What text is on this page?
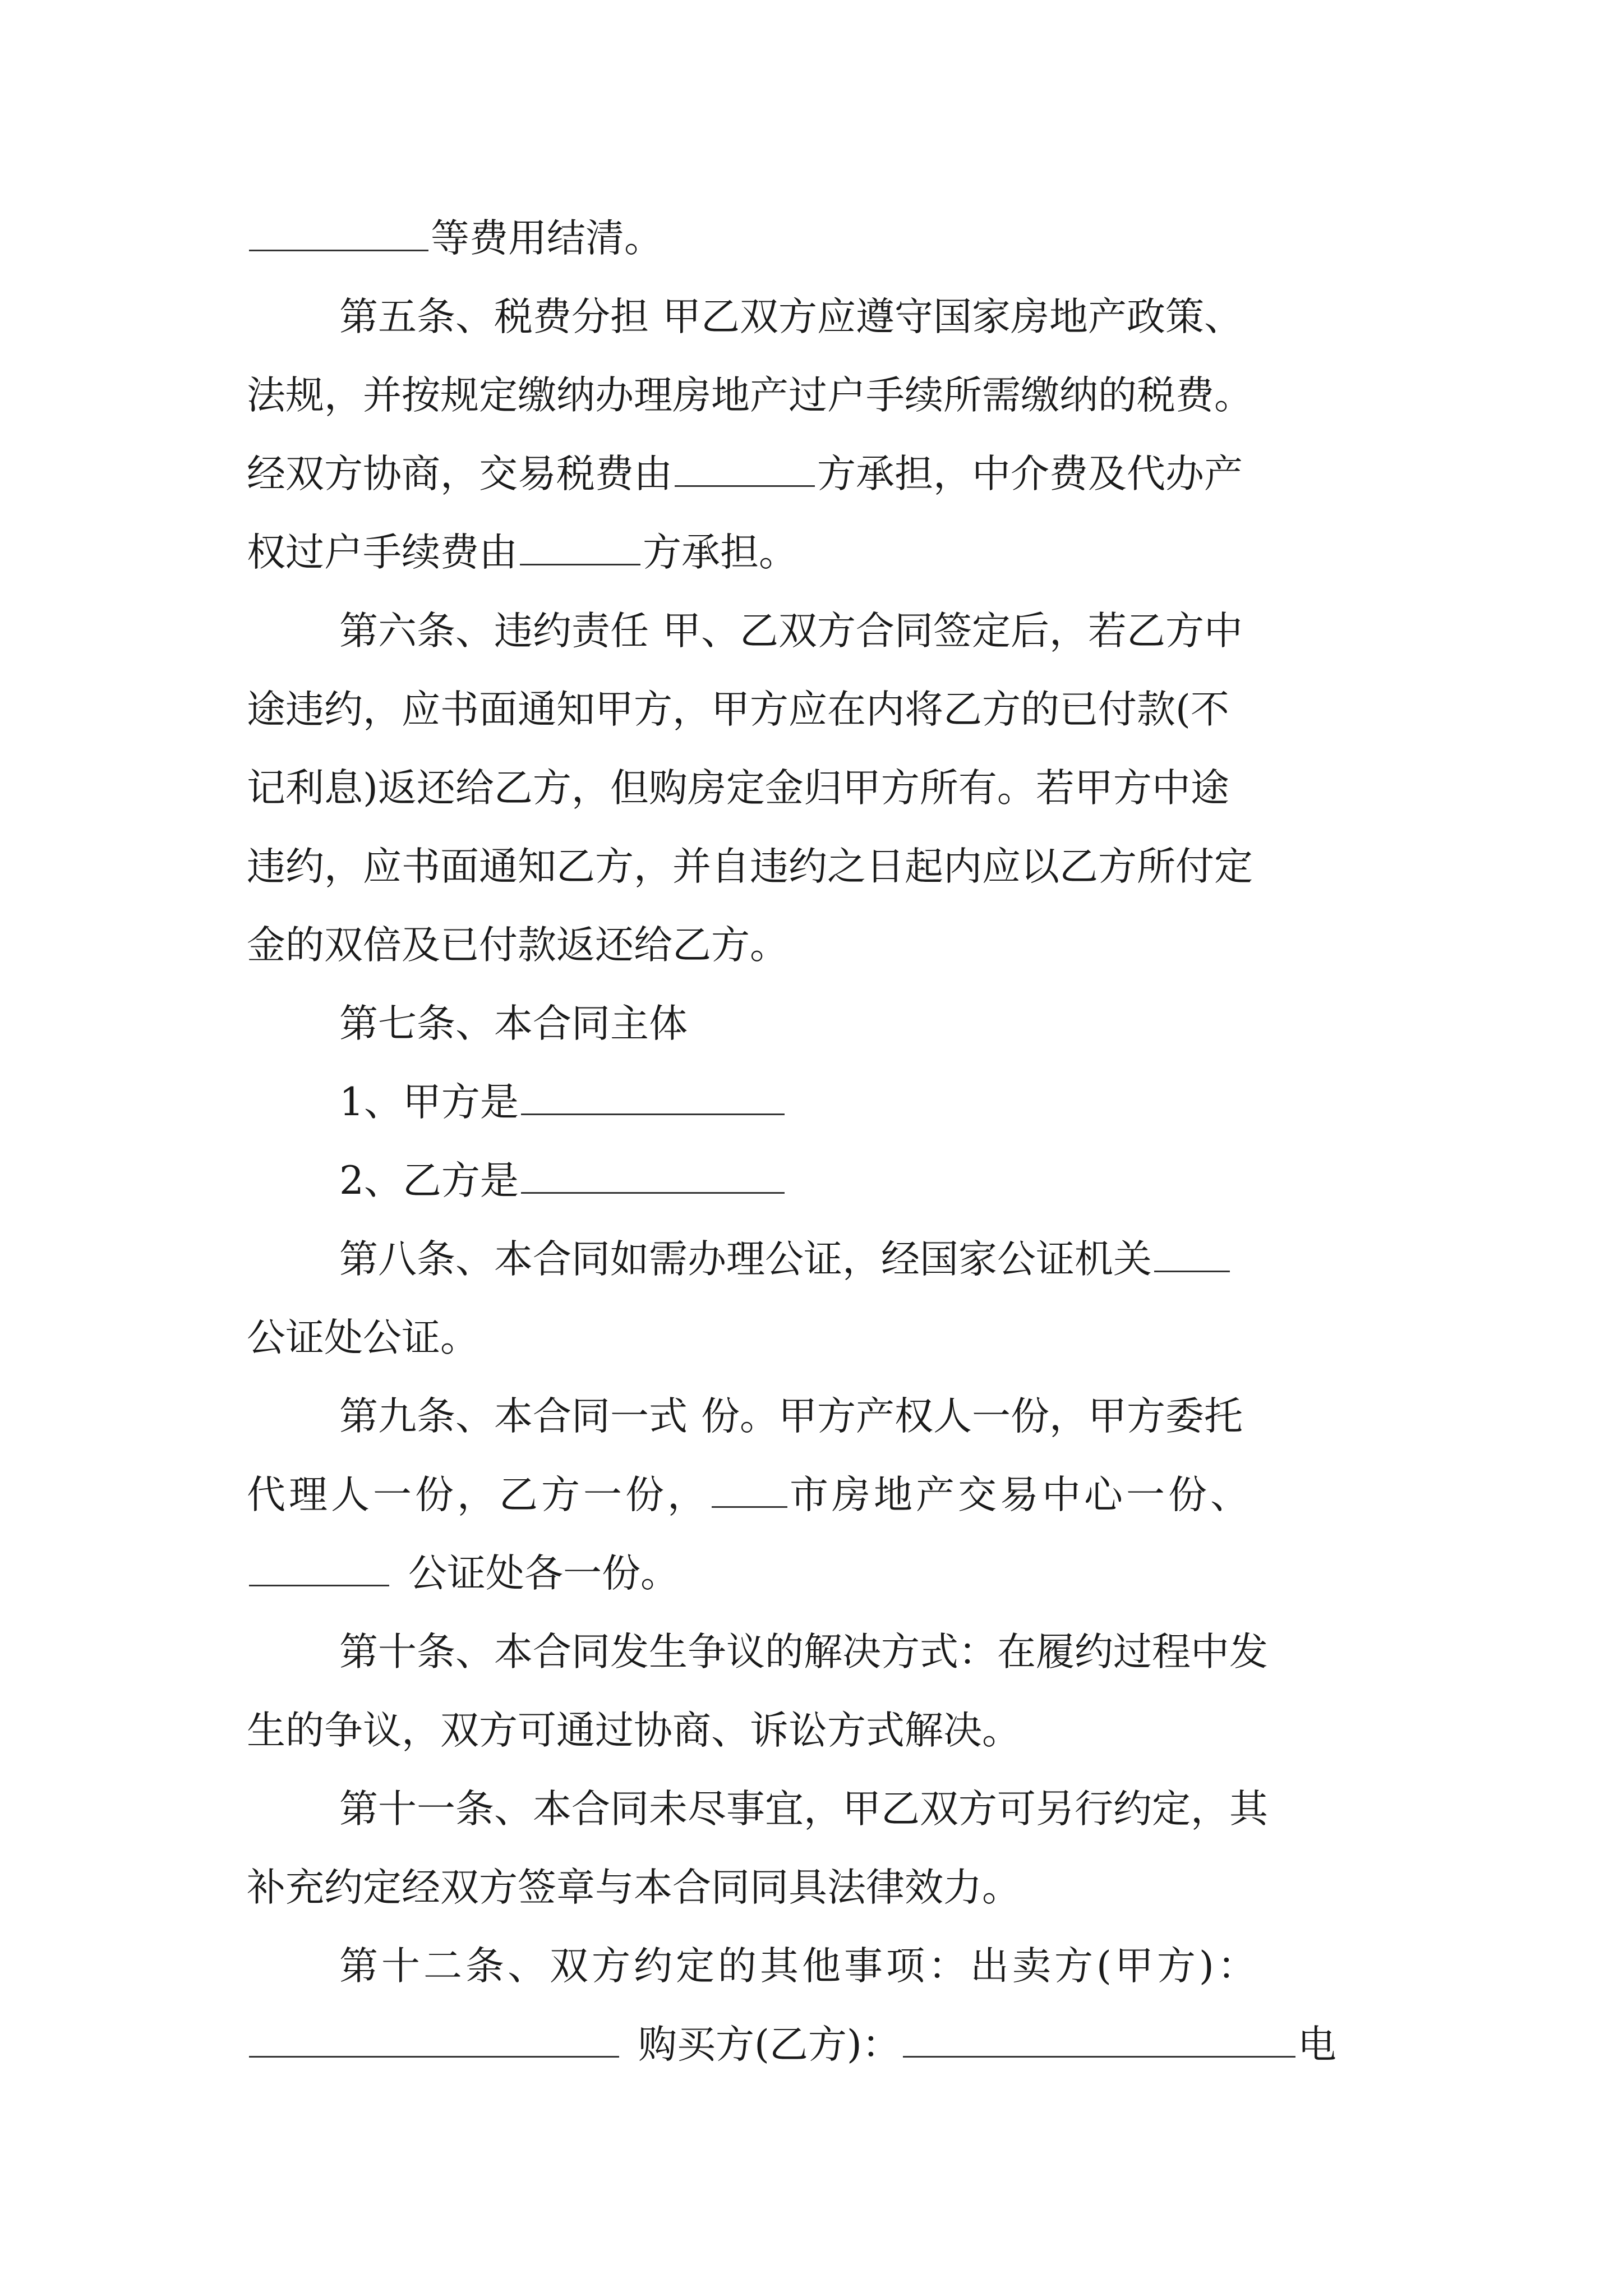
等费用结清。
第五条、税费分担 甲乙双方应遵守国家房地产政策、
法规，并按规定缴纳办理房地产过户手续所需缴纳的税费。
经双方协商，交易税费由	方承担，中介费及代办产
权过户手续费由	方承担。
第六条、违约责任 甲、乙双方合同签定后，若乙方中
途违约，应书面通知甲方，甲方应在内将乙方的已付款(不
记利息)返还给乙方，但购房定金归甲方所有。若甲方中途
违约，应书面通知乙方，并自违约之日起内应以乙方所付定
金的双倍及已付款返还给乙方。
第七条、本合同主体
1、甲方是
2、乙方是
第八条、本合同如需办理公证，经国家公证机关
公证处公证。
第九条、本合同一式 份。甲方产权人一份，甲方委托
代理人一份，乙方一份， 市房地产交易中心一份、
公证处各一份。
第十条、本合同发生争议的解决方式：在履约过程中发
生的争议，双方可通过协商、诉讼方式解决。
第十一条、本合同未尽事宜，甲乙双方可另行约定，其
补充约定经双方签章与本合同同具法律效力。
第十二条、双方约定的其他事项：出卖方(甲方)：
购买方(乙方)：	电
